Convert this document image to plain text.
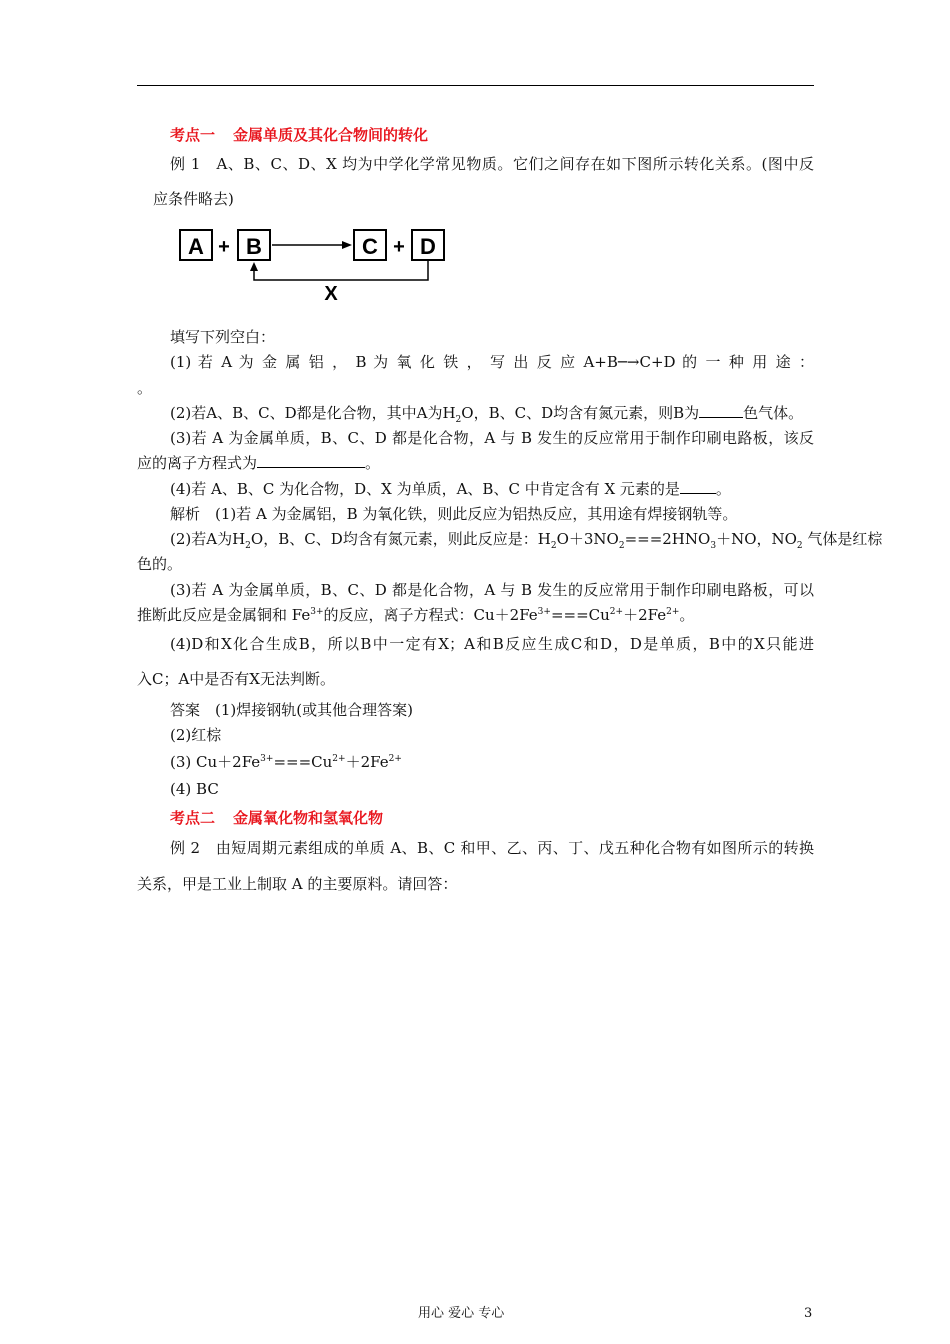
考点一 金属单质及其化合物间的转化
例 1　A、B、C、D、X 均为中学化学常见物质。它们之间存在如下图所示转化关系。(图中反
应条件略去)
A + B	C + D
X
填写下列空白：
(1) 若 A 为 金 属 铝 ， B 为 氧 化 铁 ， 写 出 反 应 A+B─→C+D 的 一 种 用 途 ：
。
(2)若A、B、C、D都是化合物，其中A为$H_2O$，B、C、D均含有氮元素，则B为	色气体。
(3)若 A 为金属单质，B、C、D 都是化合物，A 与 B 发生的反应常用于制作印刷电路板，该反
应的离子方程式为	。
(4)若 A、B、C 为化合物，D、X 为单质，A、B、C 中肯定含有 X 元素的是 。
解析　(1)若 A 为金属铝，B 为氧化铁，则此反应为铝热反应，其用途有焊接钢轨等。
(2)若A为$H_2O$，B、C、D均含有氮元素，则此反应是：$H_2O+3NO_2===2HNO_3+NO$，$NO_2$ 气体是红棕
色的。
(3)若 A 为金属单质，B、C、D 都是化合物，A 与 B 发生的反应常用于制作印刷电路板，可以
推断此反应是金属铜和 $Fe^{3+}$的反应，离子方程式：$Cu+2Fe^{3+}===Cu^{2+}+2Fe^{2+}$。
(4)D和X化合生成B，所以B中一定有X；A和B反应生成C和D，D是单质，B中的X只能进
入C；A中是否有X无法判断。
答案　(1)焊接钢轨(或其他合理答案)
(2)红棕
(3) $Cu+2Fe^{3+}===Cu^{2+}+2Fe^{2+}$
(4) BC
考点二 金属氧化物和氢氧化物
例 2　由短周期元素组成的单质 A、B、C 和甲、乙、丙、丁、戊五种化合物有如图所示的转换
关系，甲是工业上制取 A 的主要原料。请回答：
用心 爱心 专心	3
